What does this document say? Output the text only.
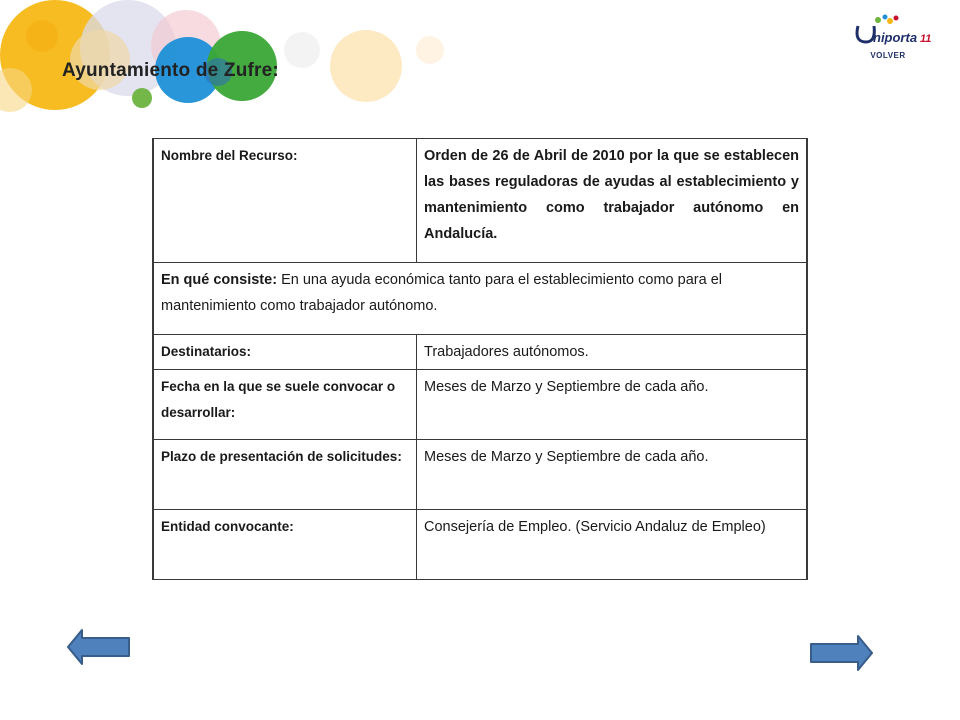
Ayuntamiento de Zufre:
niporta 11
VOLVER
Nombre del Recurso:	Orden de 26 de Abril de 2010 por la que se establecen las bases reguladoras de ayudas al establecimiento y mantenimiento como trabajador autónomo en Andalucía.
En qué consiste: En una ayuda económica tanto para el establecimiento como para el mantenimiento como trabajador autónomo.	
Destinatarios:	Trabajadores autónomos.
Fecha en la que se suele convocar o desarrollar:	Meses de Marzo y Septiembre de cada año.
Plazo de presentación de solicitudes:	Meses de Marzo y Septiembre de cada año.
Entidad convocante:	Consejería de Empleo. (Servicio Andaluz de Empleo)
